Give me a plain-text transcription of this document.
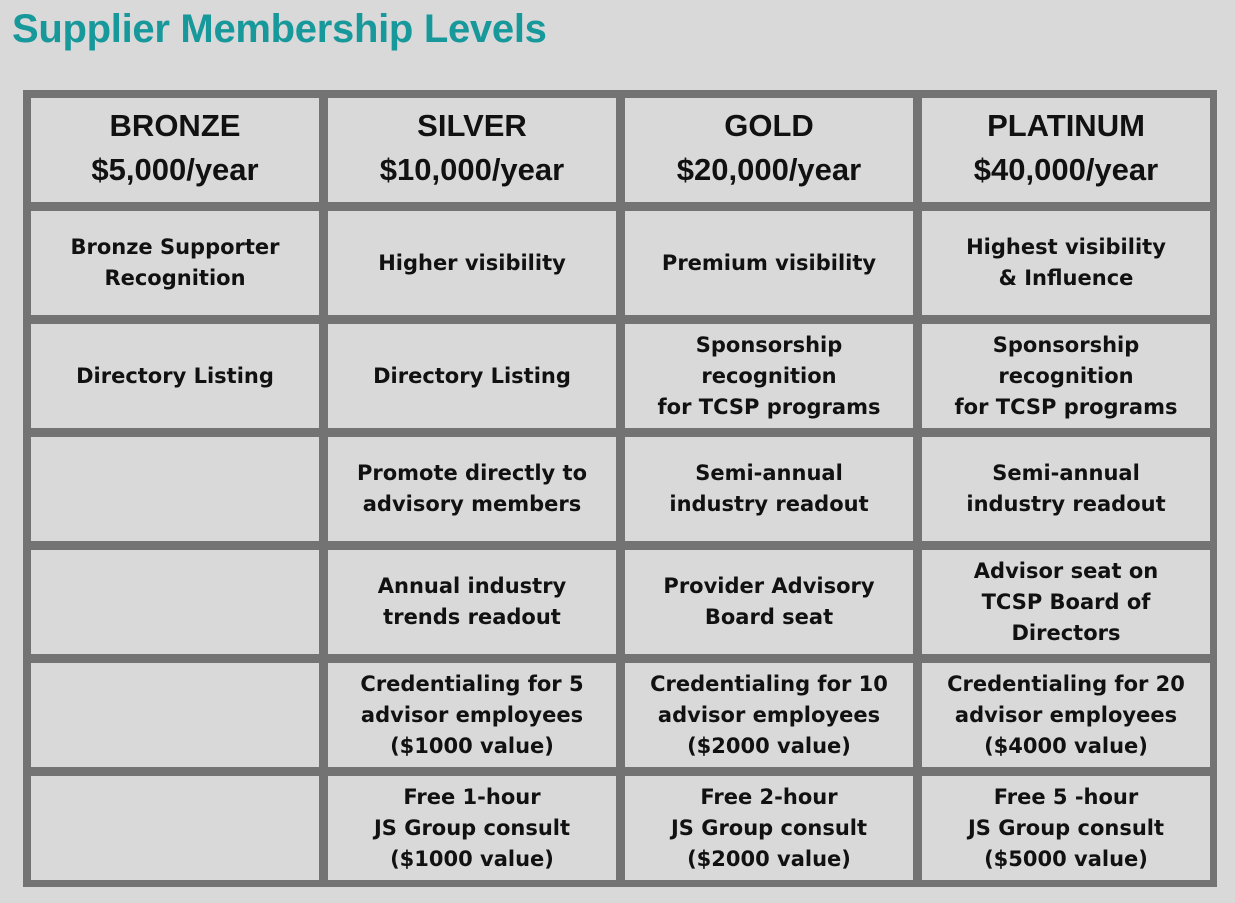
Supplier Membership Levels
BRONZE
$5,000/year
SILVER
$10,000/year
GOLD
$20,000/year
PLATINUM
$40,000/year
Bronze Supporter
Recognition
Higher visibility	Premium visibility
Highest visibility
& Influence
Directory Listing	Directory Listing
Sponsorship recognition
for TCSP programs
Sponsorship recognition
for TCSP programs
Promote directly to
advisory members
Semi-annual
industry readout
Semi-annual
industry readout
Annual industry
trends readout
Provider Advisory
Board seat
Advisor seat on
TCSP Board of Directors
Credentialing for 5
advisor employees
($1000 value)
Credentialing for 10
advisor employees
($2000 value)
Credentialing for 20
advisor employees
($4000 value)
Free 1-hour
JS Group consult
($1000 value)
Free 2-hour
JS Group consult
($2000 value)
Free 5 -hour
JS Group consult
($5000 value)
